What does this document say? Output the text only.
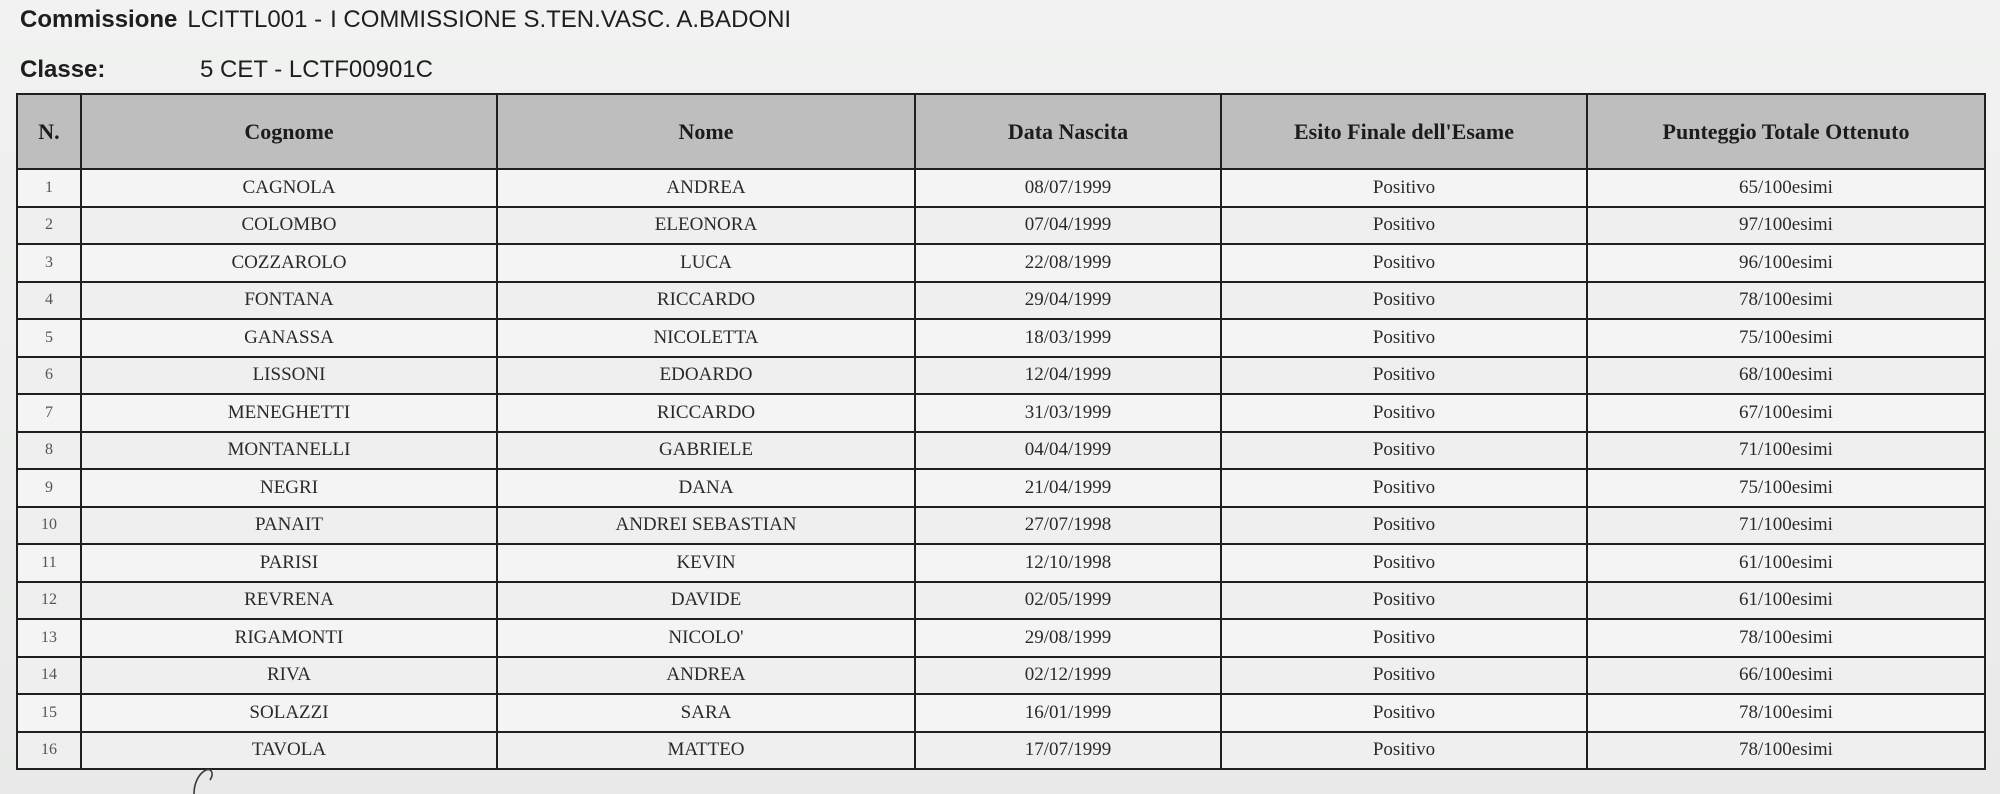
Commissione LCITTL001 - I COMMISSIONE S.TEN.VASC. A.BADONI
Classe:	5 CET - LCTF00901C
N.	Cognome	Nome	Data Nascita	Esito Finale dell'Esame	Punteggio Totale Ottenuto
1	CAGNOLA	ANDREA	08/07/1999	Positivo	65/100esimi
2	COLOMBO	ELEONORA	07/04/1999	Positivo	97/100esimi
3	COZZAROLO	LUCA	22/08/1999	Positivo	96/100esimi
4	FONTANA	RICCARDO	29/04/1999	Positivo	78/100esimi
5	GANASSA	NICOLETTA	18/03/1999	Positivo	75/100esimi
6	LISSONI	EDOARDO	12/04/1999	Positivo	68/100esimi
7	MENEGHETTI	RICCARDO	31/03/1999	Positivo	67/100esimi
8	MONTANELLI	GABRIELE	04/04/1999	Positivo	71/100esimi
9	NEGRI	DANA	21/04/1999	Positivo	75/100esimi
10	PANAIT	ANDREI SEBASTIAN	27/07/1998	Positivo	71/100esimi
11	PARISI	KEVIN	12/10/1998	Positivo	61/100esimi
12	REVRENA	DAVIDE	02/05/1999	Positivo	61/100esimi
13	RIGAMONTI	NICOLO'	29/08/1999	Positivo	78/100esimi
14	RIVA	ANDREA	02/12/1999	Positivo	66/100esimi
15	SOLAZZI	SARA	16/01/1999	Positivo	78/100esimi
16	TAVOLA	MATTEO	17/07/1999	Positivo	78/100esimi
